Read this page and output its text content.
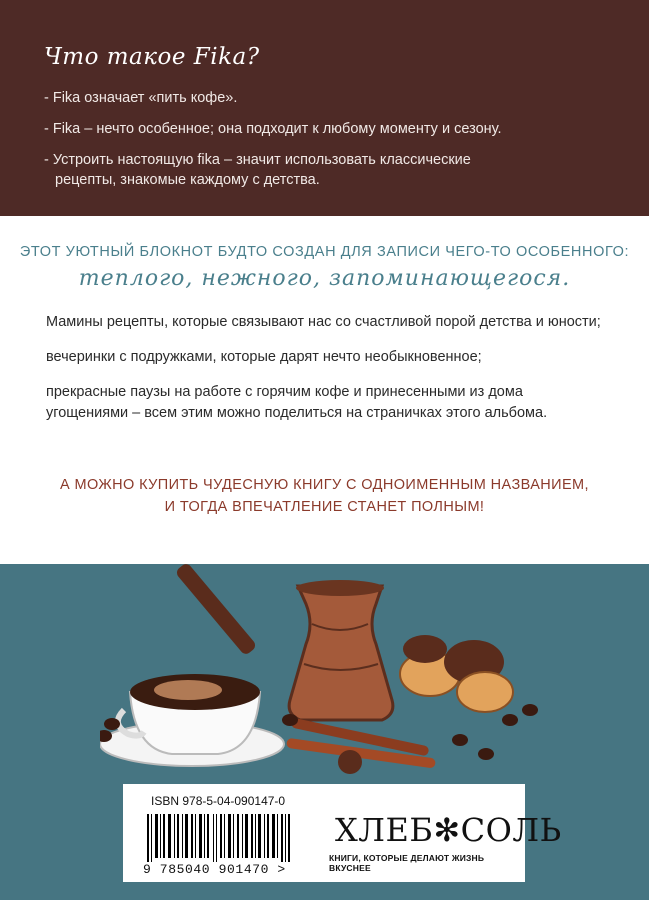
Что такое Fika?
- Fika означает «пить кофе».
- Fika – нечто особенное; она подходит к любому моменту и сезону.
- Устроить настоящую fika – значит использовать классические
рецепты, знакомые каждому с детства.
ЭТОТ УЮТНЫЙ БЛОКНОТ БУДТО СОЗДАН ДЛЯ ЗАПИСИ ЧЕГО-ТО ОСОБЕННОГО:
теплого, нежного, запоминающегося.

Мамины рецепты, которые связывают нас со счастливой порой детства и юности;

вечеринки с подружками, которые дарят нечто необыкновенное;

прекрасные паузы на работе с горячим кофе и принесенными из дома угощениями – всем этим можно поделиться на страничках этого альбома.

А МОЖНО КУПИТЬ ЧУДЕСНУЮ КНИГУ С ОДНОИМЕННЫМ НАЗВАНИЕМ,
И ТОГДА ВПЕЧАТЛЕНИЕ СТАНЕТ ПОЛНЫМ!
ISBN 978-5-04-090147-0
9 785040 901470 >
ХЛЕБ✻СОЛЬ
КНИГИ, КОТОРЫЕ ДЕЛАЮТ ЖИЗНЬ ВКУСНЕЕ
